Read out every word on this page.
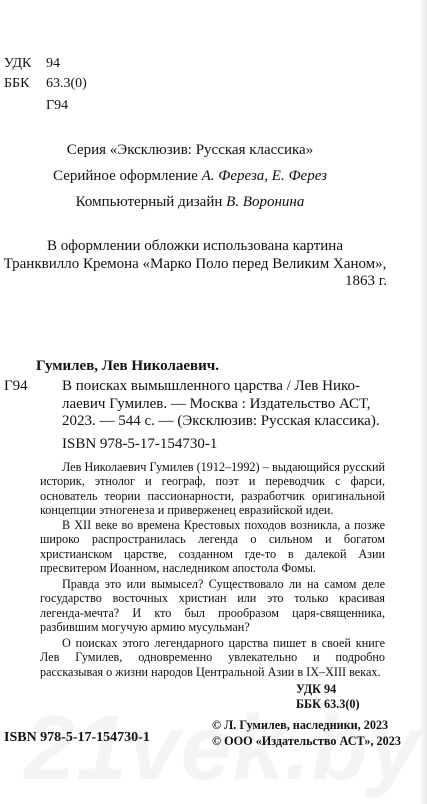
УДК 94
ББК 63.3(0)
Г94
Серия «Эксклюзив: Русская классика»
Серийное оформление А. Фереза, Е. Ферез
Компьютерный дизайн В. Воронина
В оформлении обложки использована картина
Транквилло Кремона «Марко Поло перед Великим Ханом»,
1863 г.
Гумилев, Лев Николаевич.
Г94 В поисках вымышленного царства / Лев Нико-
лаевич Гумилев. — Москва : Издательство АСТ,
2023. — 544 с. — (Эксклюзив: Русская классика).
ISBN 978-5-17-154730-1
Лев Николаевич Гумилев (1912–1992) – выдающийся русский историк, этнолог и географ, поэт и переводчик с фарси, основатель теории пассионарности, разработчик оригинальной концепции этногенеза и приверженец евразийской идеи.
В XII веке во времена Крестовых походов возникла, а позже широко распространилась легенда о сильном и богатом христианском царстве, созданном где-то в далекой Азии пресвитером Иоанном, наследником апостола Фомы.
Правда это или вымысел? Существовало ли на самом деле государство восточных христиан или это только красивая легенда-мечта? И кто был прообразом царя-священника, разбившим могучую армию мусульман?
О поисках этого легендарного царства пишет в своей книге Лев Гумилев, одновременно увлекательно и подробно рассказывая о жизни народов Центральной Азии в IX–XIII веках.
УДК 94
ББК 63.3(0)
ISBN 978-5-17-154730-1
© Л. Гумилев, наследники, 2023
© ООО «Издательство АСТ», 2023
